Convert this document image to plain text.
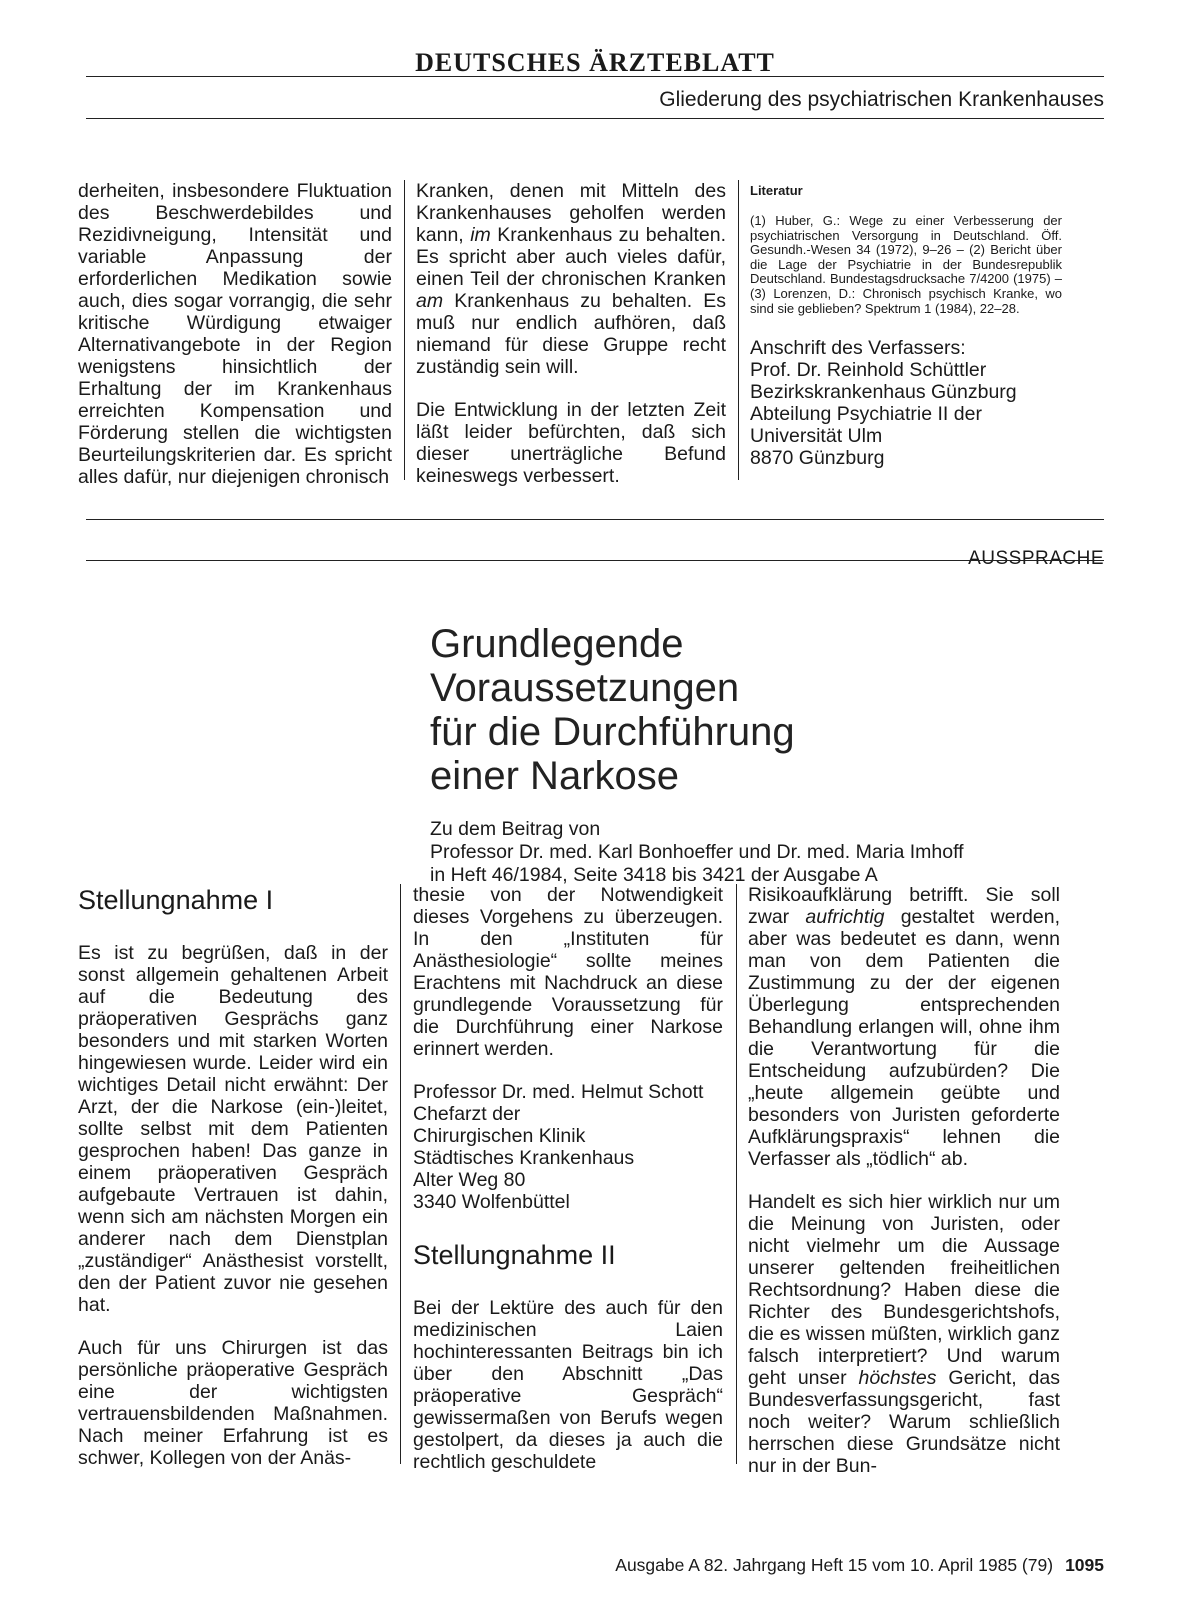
DEUTSCHES ÄRZTEBLATT
Gliederung des psychiatrischen Krankenhauses

derheiten, insbesondere Fluktuation des Beschwerdebildes und Rezidivneigung, Intensität und variable Anpassung der erforderlichen Medikation sowie auch, dies sogar vorrangig, die sehr kritische Würdigung etwaiger Alternativangebote in der Region wenigstens hinsichtlich der Erhaltung der im Krankenhaus erreichten Kompensation und Förderung stellen die wichtigsten Beurteilungskriterien dar. Es spricht alles dafür, nur diejenigen chronisch

Kranken, denen mit Mitteln des Krankenhauses geholfen werden kann, im Krankenhaus zu behalten. Es spricht aber auch vieles dafür, einen Teil der chronischen Kranken am Krankenhaus zu behalten. Es muß nur endlich aufhören, daß niemand für diese Gruppe recht zuständig sein will.

Die Entwicklung in der letzten Zeit läßt leider befürchten, daß sich dieser unerträgliche Befund keineswegs verbessert.

Literatur
(1) Huber, G.: Wege zu einer Verbesserung der psychiatrischen Versorgung in Deutschland. Öff. Gesundh.-Wesen 34 (1972), 9–26 – (2) Bericht über die Lage der Psychiatrie in der Bundesrepublik Deutschland. Bundestagsdrucksache 7/4200 (1975) – (3) Lorenzen, D.: Chronisch psychisch Kranke, wo sind sie geblieben? Spektrum 1 (1984), 22–28.
Anschrift des Verfassers:
Prof. Dr. Reinhold Schüttler
Bezirkskrankenhaus Günzburg
Abteilung Psychiatrie II der
Universität Ulm
8870 Günzburg
AUSSPRACHE
Grundlegende
Voraussetzungen
für die Durchführung
einer Narkose
Zu dem Beitrag von
Professor Dr. med. Karl Bonhoeffer und Dr. med. Maria Imhoff
in Heft 46/1984, Seite 3418 bis 3421 der Ausgabe A
Stellungnahme I

Es ist zu begrüßen, daß in der sonst allgemein gehaltenen Arbeit auf die Bedeutung des präoperativen Gesprächs ganz besonders und mit starken Worten hingewiesen wurde. Leider wird ein wichtiges Detail nicht erwähnt: Der Arzt, der die Narkose (ein-)leitet, sollte selbst mit dem Patienten gesprochen haben! Das ganze in einem präoperativen Gespräch aufgebaute Vertrauen ist dahin, wenn sich am nächsten Morgen ein anderer nach dem Dienstplan „zuständiger“ Anästhesist vorstellt, den der Patient zuvor nie gesehen hat.

Auch für uns Chirurgen ist das persönliche präoperative Gespräch eine der wichtigsten vertrauensbildenden Maßnahmen. Nach meiner Erfahrung ist es schwer, Kollegen von der Anäs-

thesie von der Notwendigkeit dieses Vorgehens zu überzeugen. In den „Instituten für Anästhesiologie“ sollte meines Erachtens mit Nachdruck an diese grundlegende Voraussetzung für die Durchführung einer Narkose erinnert werden.

Professor Dr. med. Helmut Schott
Chefarzt der
Chirurgischen Klinik
Städtisches Krankenhaus
Alter Weg 80
3340 Wolfenbüttel
Stellungnahme II

Bei der Lektüre des auch für den medizinischen Laien hochinteressanten Beitrags bin ich über den Abschnitt „Das präoperative Gespräch“ gewissermaßen von Berufs wegen gestolpert, da dieses ja auch die rechtlich geschuldete

Risikoaufklärung betrifft. Sie soll zwar aufrichtig gestaltet werden, aber was bedeutet es dann, wenn man von dem Patienten die Zustimmung zu der der eigenen Überlegung entsprechenden Behandlung erlangen will, ohne ihm die Verantwortung für die Entscheidung aufzubürden? Die „heute allgemein geübte und besonders von Juristen geforderte Aufklärungspraxis“ lehnen die Verfasser als „tödlich“ ab.

Handelt es sich hier wirklich nur um die Meinung von Juristen, oder nicht vielmehr um die Aussage unserer geltenden freiheitlichen Rechtsordnung? Haben diese die Richter des Bundesgerichtshofs, die es wissen müßten, wirklich ganz falsch interpretiert? Und warum geht unser höchstes Gericht, das Bundesverfassungsgericht, fast noch weiter? Warum schließlich herrschen diese Grundsätze nicht nur in der Bun-

Ausgabe A 82. Jahrgang Heft 15 vom 10. April 1985 (79) 1095
